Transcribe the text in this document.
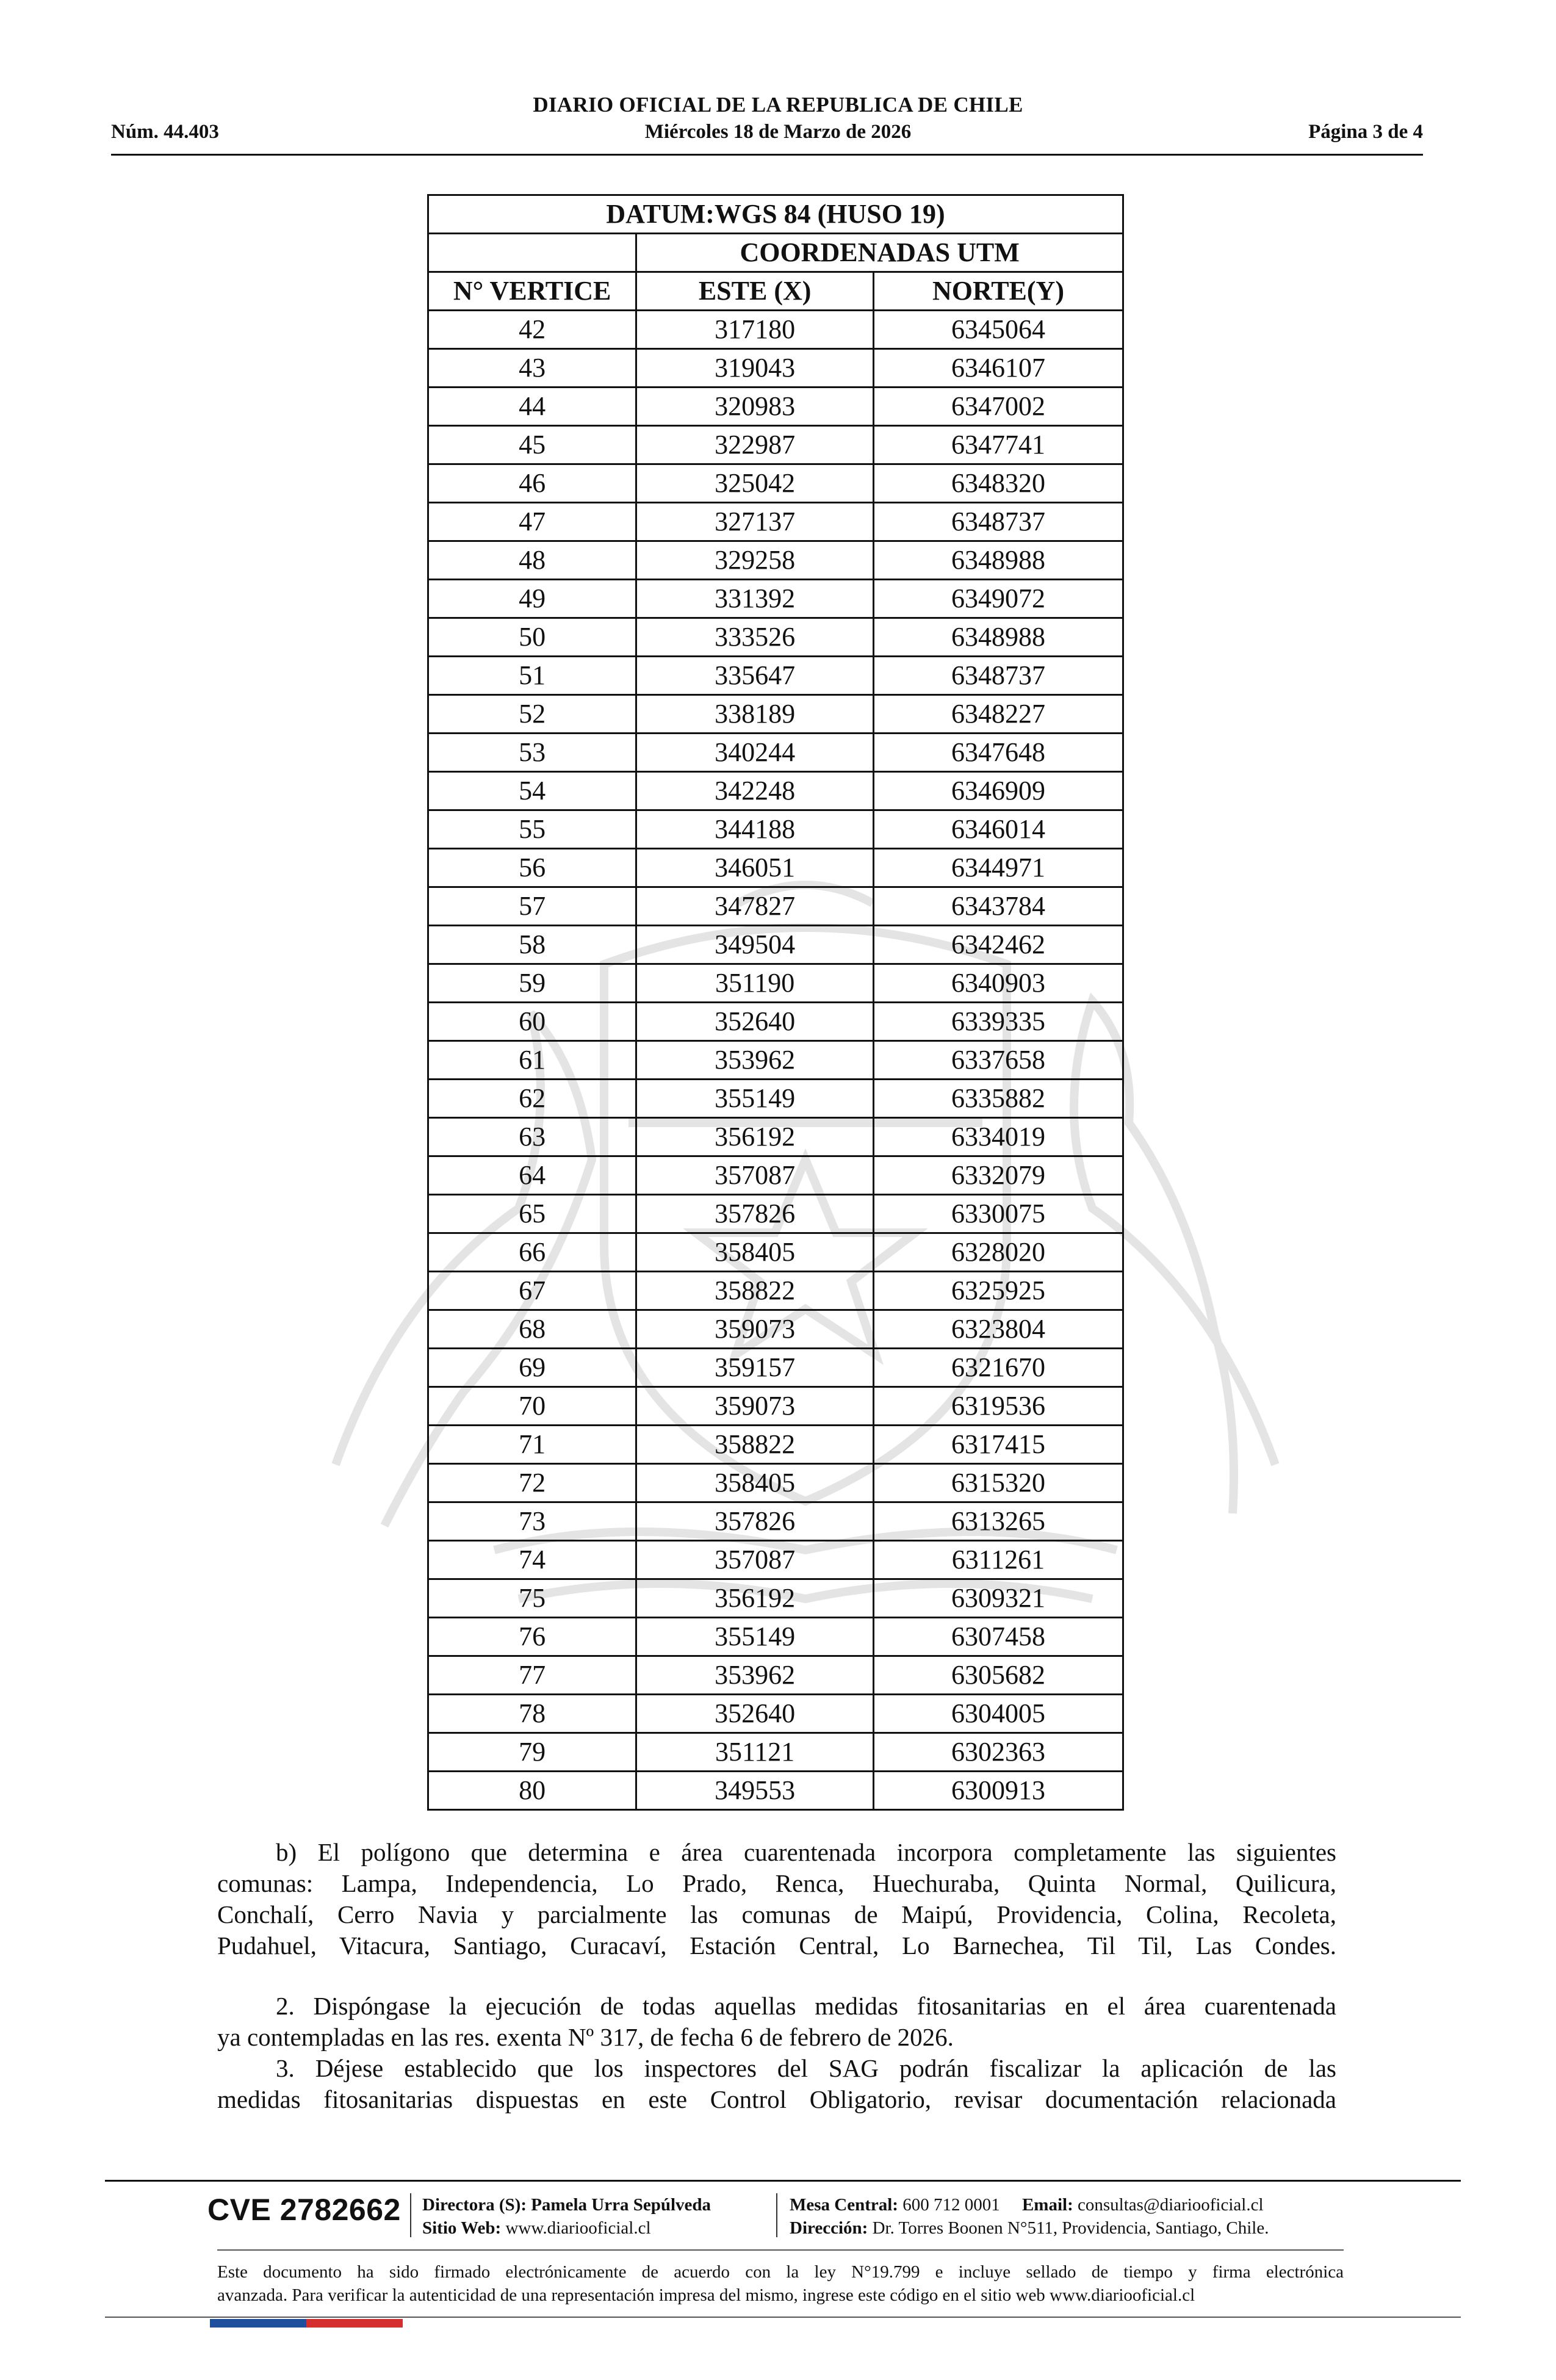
DIARIO OFICIAL DE LA REPUBLICA DE CHILE
Núm. 44.403	Miércoles 18 de Marzo de 2026	Página 3 de 4
DATUM:WGS 84 (HUSO 19)		
	COORDENADAS UTM	
N° VERTICE	ESTE (X)	NORTE(Y)
42	317180	6345064
43	319043	6346107
44	320983	6347002
45	322987	6347741
46	325042	6348320
47	327137	6348737
48	329258	6348988
49	331392	6349072
50	333526	6348988
51	335647	6348737
52	338189	6348227
53	340244	6347648
54	342248	6346909
55	344188	6346014
56	346051	6344971
57	347827	6343784
58	349504	6342462
59	351190	6340903
60	352640	6339335
61	353962	6337658
62	355149	6335882
63	356192	6334019
64	357087	6332079
65	357826	6330075
66	358405	6328020
67	358822	6325925
68	359073	6323804
69	359157	6321670
70	359073	6319536
71	358822	6317415
72	358405	6315320
73	357826	6313265
74	357087	6311261
75	356192	6309321
76	355149	6307458
77	353962	6305682
78	352640	6304005
79	351121	6302363
80	349553	6300913
b) El polígono que determina e área cuarentenada incorpora completamente las siguientes
comunas: Lampa, Independencia, Lo Prado, Renca, Huechuraba, Quinta Normal, Quilicura,
Conchalí, Cerro Navia y parcialmente las comunas de Maipú, Providencia, Colina, Recoleta,
Pudahuel, Vitacura, Santiago, Curacaví, Estación Central, Lo Barnechea, Til Til, Las Condes.
2. Dispóngase la ejecución de todas aquellas medidas fitosanitarias en el área cuarentenada
ya contempladas en las res. exenta Nº 317, de fecha 6 de febrero de 2026.
3. Déjese establecido que los inspectores del SAG podrán fiscalizar la aplicación de las
medidas fitosanitarias dispuestas en este Control Obligatorio, revisar documentación relacionada
CVE 2782662 Directora (S): Pamela Urra Sepúlveda
Sitio Web: www.diariooficial.cl
Mesa Central: 600 712 0001 Email: consultas@diariooficial.cl
Dirección: Dr. Torres Boonen N°511, Providencia, Santiago, Chile.
Este documento ha sido firmado electrónicamente de acuerdo con la ley N°19.799 e incluye sellado de tiempo y firma electrónica
avanzada. Para verificar la autenticidad de una representación impresa del mismo, ingrese este código en el sitio web www.diariooficial.cl
